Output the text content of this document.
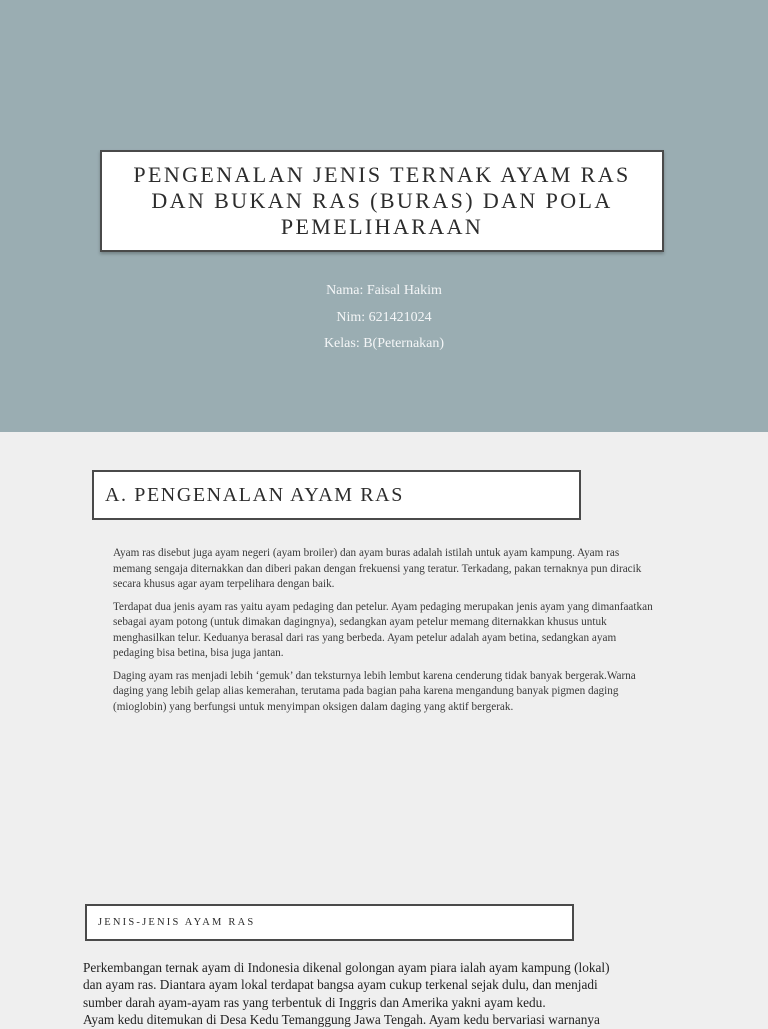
PENGENALAN JENIS TERNAK AYAM RAS
DAN BUKAN RAS (BURAS) DAN POLA
PEMELIHARAAN
Nama: Faisal Hakim
Nim: 621421024
Kelas: B(Peternakan)
A. PENGENALAN AYAM RAS

Ayam ras disebut juga ayam negeri (ayam broiler) dan ayam buras adalah istilah untuk ayam kampung. Ayam ras memang sengaja diternakkan dan diberi pakan dengan frekuensi yang teratur. Terkadang, pakan ternaknya pun diracik secara khusus agar ayam terpelihara dengan baik.

Terdapat dua jenis ayam ras yaitu ayam pedaging dan petelur. Ayam pedaging merupakan jenis ayam yang dimanfaatkan sebagai ayam potong (untuk dimakan dagingnya), sedangkan ayam petelur memang diternakkan khusus untuk menghasilkan telur. Keduanya berasal dari ras yang berbeda. Ayam petelur adalah ayam betina, sedangkan ayam pedaging bisa betina, bisa juga jantan.

Daging ayam ras menjadi lebih ‘gemuk’ dan teksturnya lebih lembut karena cenderung tidak banyak bergerak.Warna daging yang lebih gelap alias kemerahan, terutama pada bagian paha karena mengandung banyak pigmen daging (mioglobin) yang berfungsi untuk menyimpan oksigen dalam daging yang aktif bergerak.

JENIS-JENIS AYAM RAS
Perkembangan ternak ayam di Indonesia dikenal golongan ayam piara ialah ayam kampung (lokal)
dan ayam ras. Diantara ayam lokal terdapat bangsa ayam cukup terkenal sejak dulu, dan menjadi
sumber darah ayam-ayam ras yang terbentuk di Inggris dan Amerika yakni ayam kedu.
Ayam kedu ditemukan di Desa Kedu Temanggung Jawa Tengah. Ayam kedu bervariasi warnanya
